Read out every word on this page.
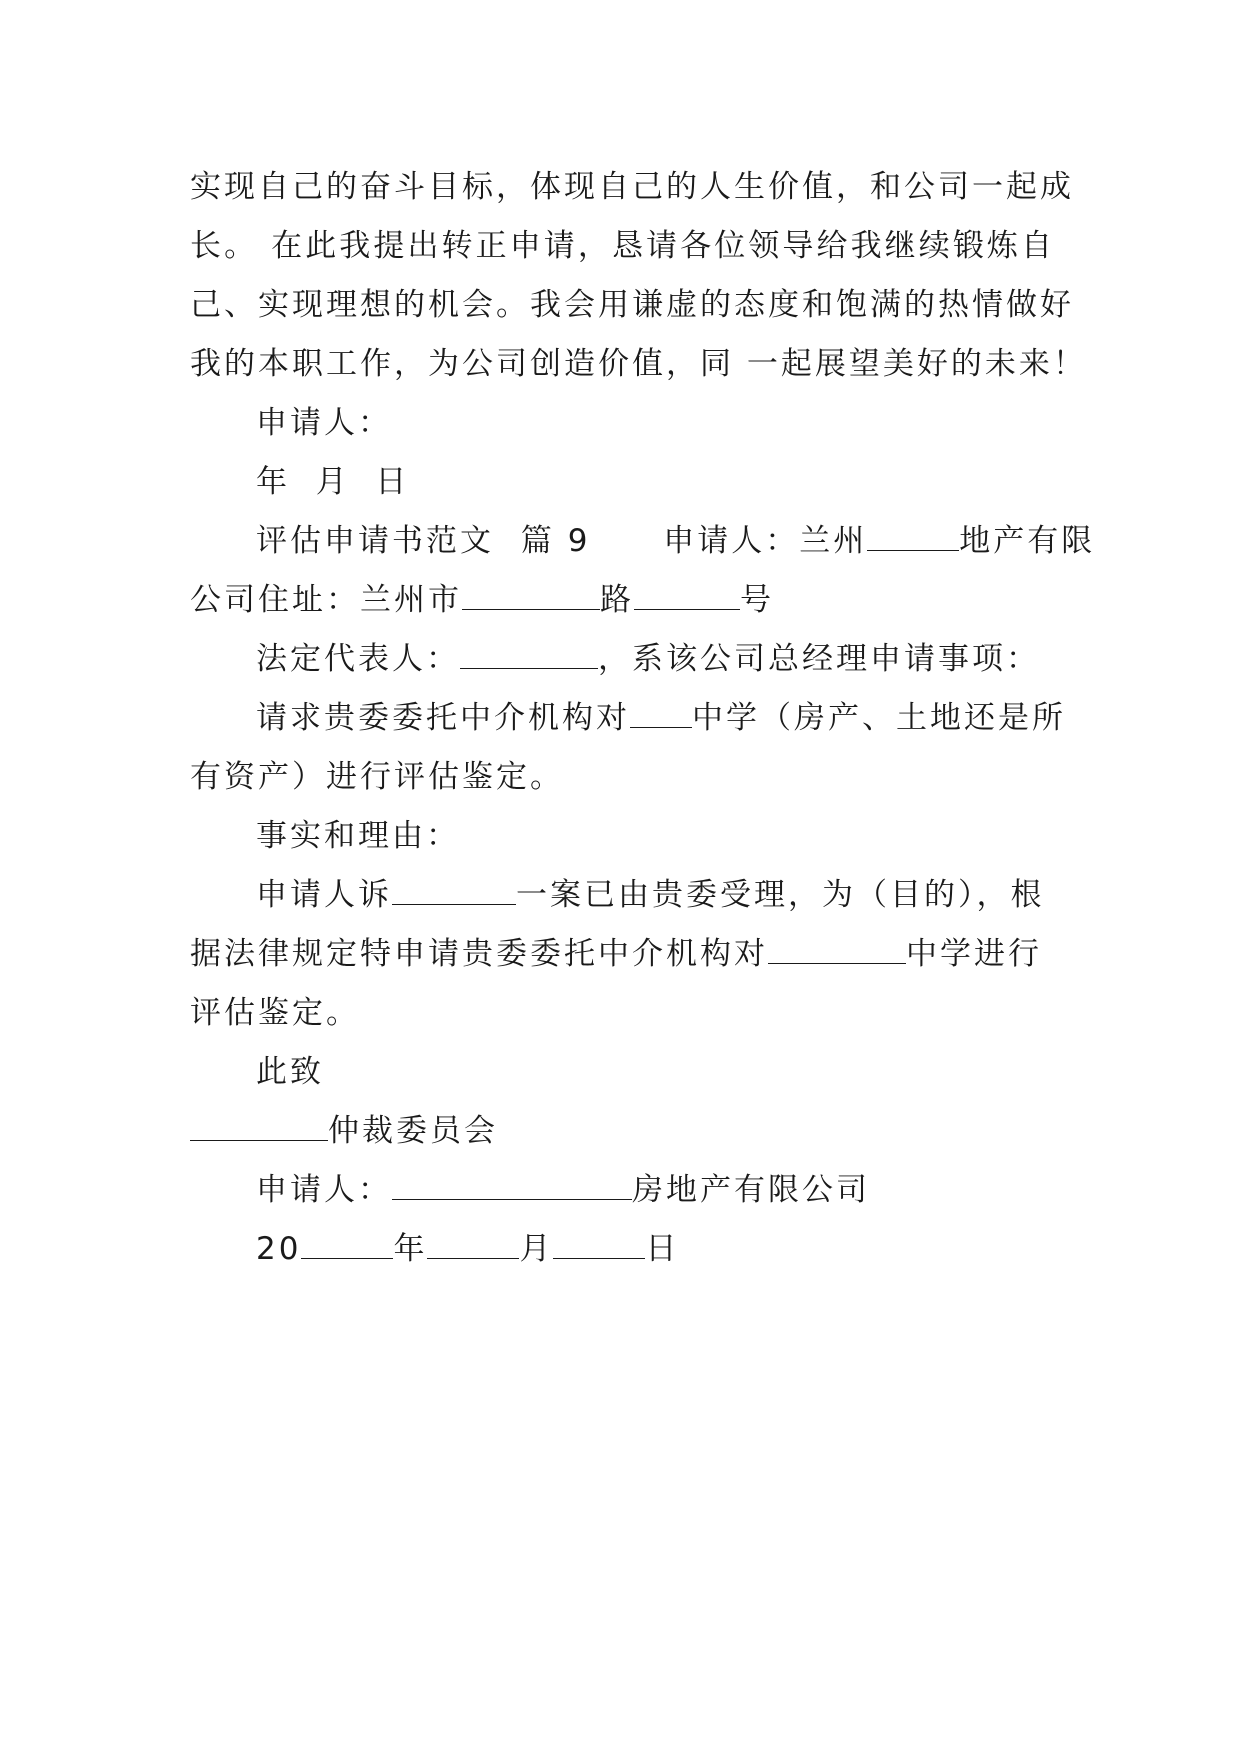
实现自己的奋斗目标，体现自己的人生价值，和公司一起成
长。 在此我提出转正申请，恳请各位领导给我继续锻炼自
己、实现理想的机会。我会用谦虚的态度和饱满的热情做好
我的本职工作，为公司创造价值，同 一起展望美好的未来！
申请人：
年  月  日
评估申请书范文 篇 9 申请人：兰州	地产有限
公司住址：兰州市	路	号
法定代表人：	，系该公司总经理申请事项：
请求贵委委托中介机构对 中学（房产、土地还是所
有资产）进行评估鉴定。
事实和理由：
申请人诉	一案已由贵委受理，为（目的），根
据法律规定特申请贵委委托中介机构对	中学进行
评估鉴定。
此致
仲裁委员会
申请人：	房地产有限公司
20	年	月	日
